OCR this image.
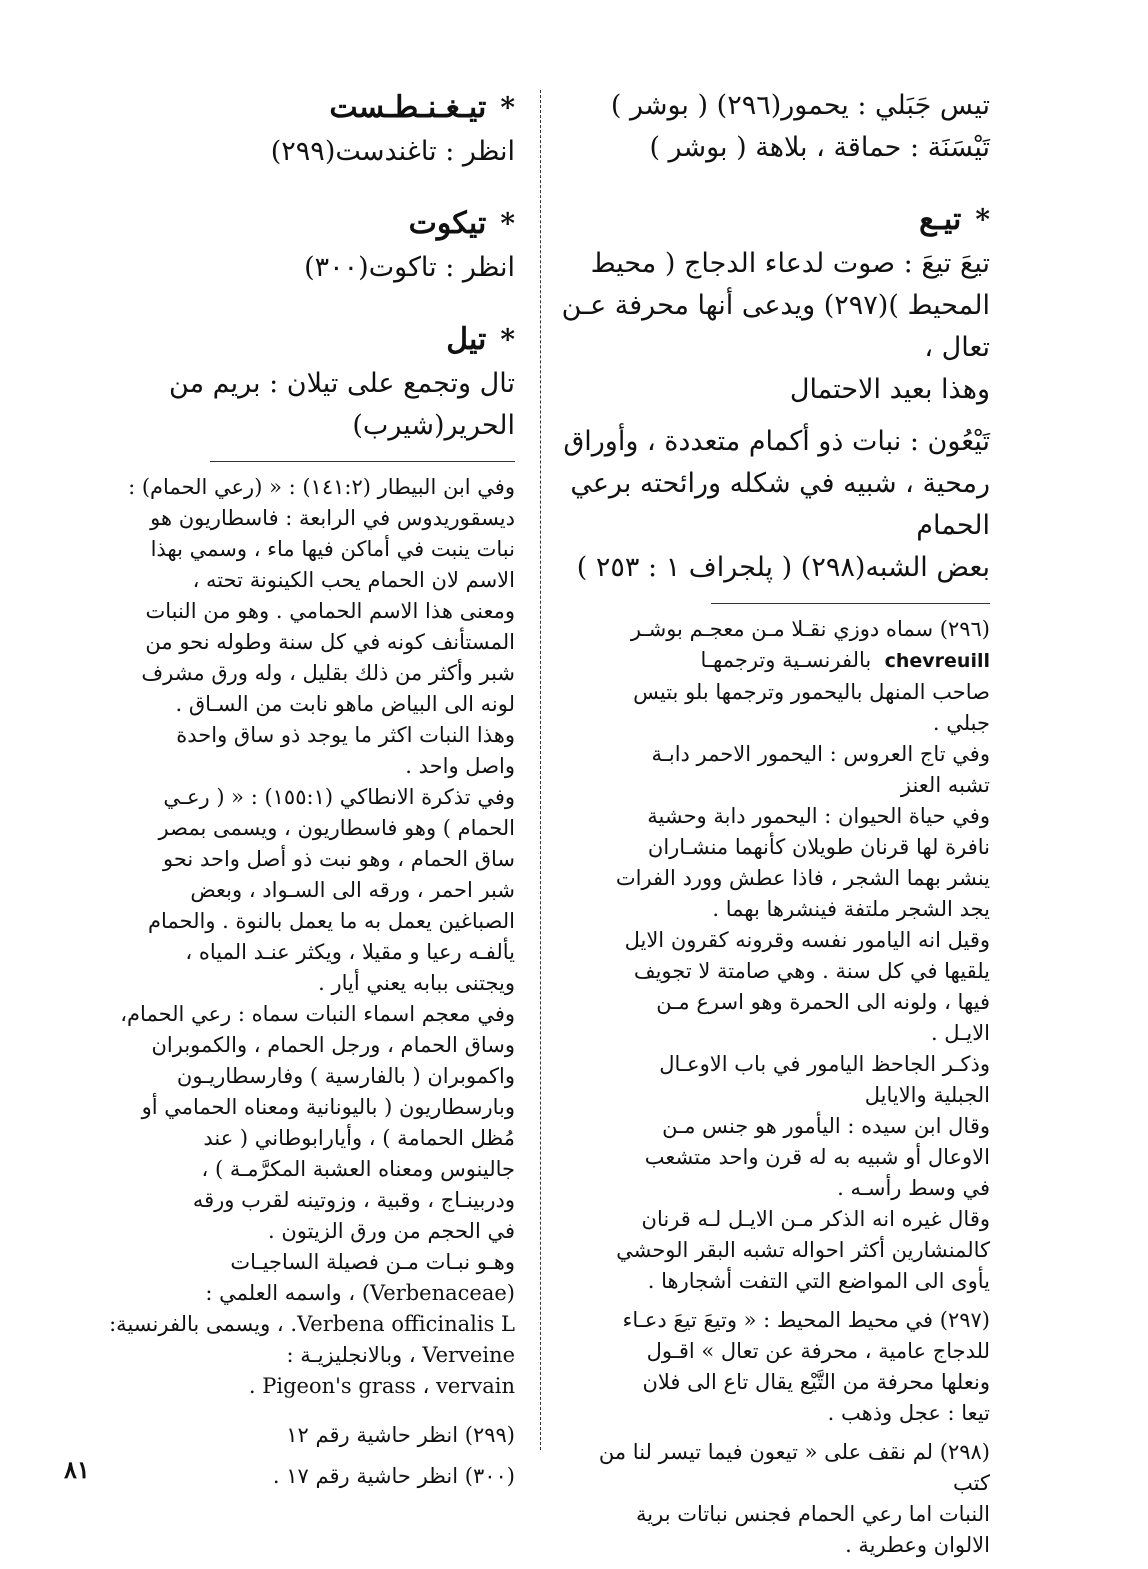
تيس جَبَلي : يحمور(٢٩٦) ( بوشر )

تَيْسَنَة : حماقة ، بلاهة ( بوشر )

*تيـع

تيعَ تيعَ : صوت لدعاء الدجاج ( محيط

المحيط )(٢٩٧) ويدعى أنها محرفة عـن تعال ،

وهذا بعيد الاحتمال

تَيْعُون : نبات ذو أكمام متعددة ، وأوراق

رمحية ، شبيه في شكله ورائحته برعي الحمام

بعض الشبه(٢٩٨) ( پلجراف ١ : ٢٥٣ )

(٢٩٦) سماه دوزي نقـلا مـن معجـم بوشـر

chevreuill  بالفرنسـية وترجمهـا

صاحب المنهل باليحمور وترجمها بلو بتيس

جبلي .

وفي تاج العروس : اليحمور الاحمر دابـة

تشبه العنز

وفي حياة الحيوان : اليحمور دابة وحشية

نافرة لها قرنان طويلان كأنهما منشـاران

ينشر بهما الشجر ، فاذا عطش وورد الفرات

يجد الشجر ملتفة فينشرها بهما .

وقيل انه اليامور نفسه وقرونه كقرون الايل

يلقيها في كل سنة . وهي صامتة لا تجويف

فيها ، ولونه الى الحمرة وهو اسرع مـن

الايـل .

وذكـر الجاحظ اليامور في باب الاوعـال

الجبلية والايايل

وقال ابن سيده : اليأمور هو جنس مـن

الاوعال أو شبيه به له قرن واحد متشعب

في وسط رأسـه .

وقال غيره انه الذكر مـن الايـل لـه قرنان

كالمنشارين أكثر احواله تشبه البقر الوحشي

يأوى الى المواضع التي التفت أشجارها .

(٢٩٧) في محيط المحيط : « وتيعَ تيعَ دعـاء

للدجاج عامية ، محرفة عن تعال » اقـول

ونعلها محرفة من التَّيْع يقال تاع الى فلان

تيعا : عجل وذهب .

(٢٩٨) لم نقف على « تيعون فيما تيسر لنا من كتب

النبات اما رعي الحمام فجنس نباتات برية

الالوان وعطرية .

*تيـغـنـطـست

انظر : تاغندست(٢٩٩)

*تيكوت

انظر : تاكوت(٣٠٠)

*تيل

تال وتجمع على تيلان : بريم من الحرير(شيرب)

وفي ابن البيطار (١٤١:٢) : « (رعي الحمام) :

ديسقوريدوس في الرابعة : فاسطاريون هو

نبات ينبت في أماكن فيها ماء ، وسمي بهذا

الاسم لان الحمام يحب الكينونة تحته ،

ومعنى هذا الاسم الحمامي . وهو من النبات

المستأنف كونه في كل سنة وطوله نحو من

شبر وأكثر من ذلك بقليل ، وله ورق مشرف

لونه الى البياض ماهو نابت من السـاق .

وهذا النبات اكثر ما يوجد ذو ساق واحدة

واصل واحد .

وفي تذكرة الانطاكي (١٥٥:١) : « ( رعـي

الحمام ) وهو فاسطاريون ، ويسمى بمصر

ساق الحمام ، وهو نبت ذو أصل واحد نحو

شبر احمر ، ورقه الى السـواد ، وبعض

الصباغين يعمل به ما يعمل بالنوة . والحمام

يألفـه رعيا و مقيلا ، ويكثر عنـد المياه ،

ويجتنى ببابه يعني أيار .

وفي معجم اسماء النبات سماه : رعي الحمام،

وساق الحمام ، ورجل الحمام ، والكموبران

واكموبران ( بالفارسية ) وفارسطاريـون

وبارسطاريون ( باليونانية ومعناه الحمامي أو

مُظل الحمامة ) ، وأيارابوطاني ( عند

جالينوس ومعناه العشبة المكرَّمـة ) ،

ودربينـاج ، وقبية ، وزوتينه لقرب ورقه

في الحجم من ورق الزيتون .

وهـو نبـات مـن فصيلة الساجيـات

(Verbenaceae) ، واسمه العلمي :

Verbena officinalis L. ، ويسمى بالفرنسية:

Verveine ، وبالانجليزيـة :

Pigeon's grass ، vervain .

(٢٩٩) انظر حاشية رقم ١٢

(٣٠٠) انظر حاشية رقم ١٧ .

٨١
